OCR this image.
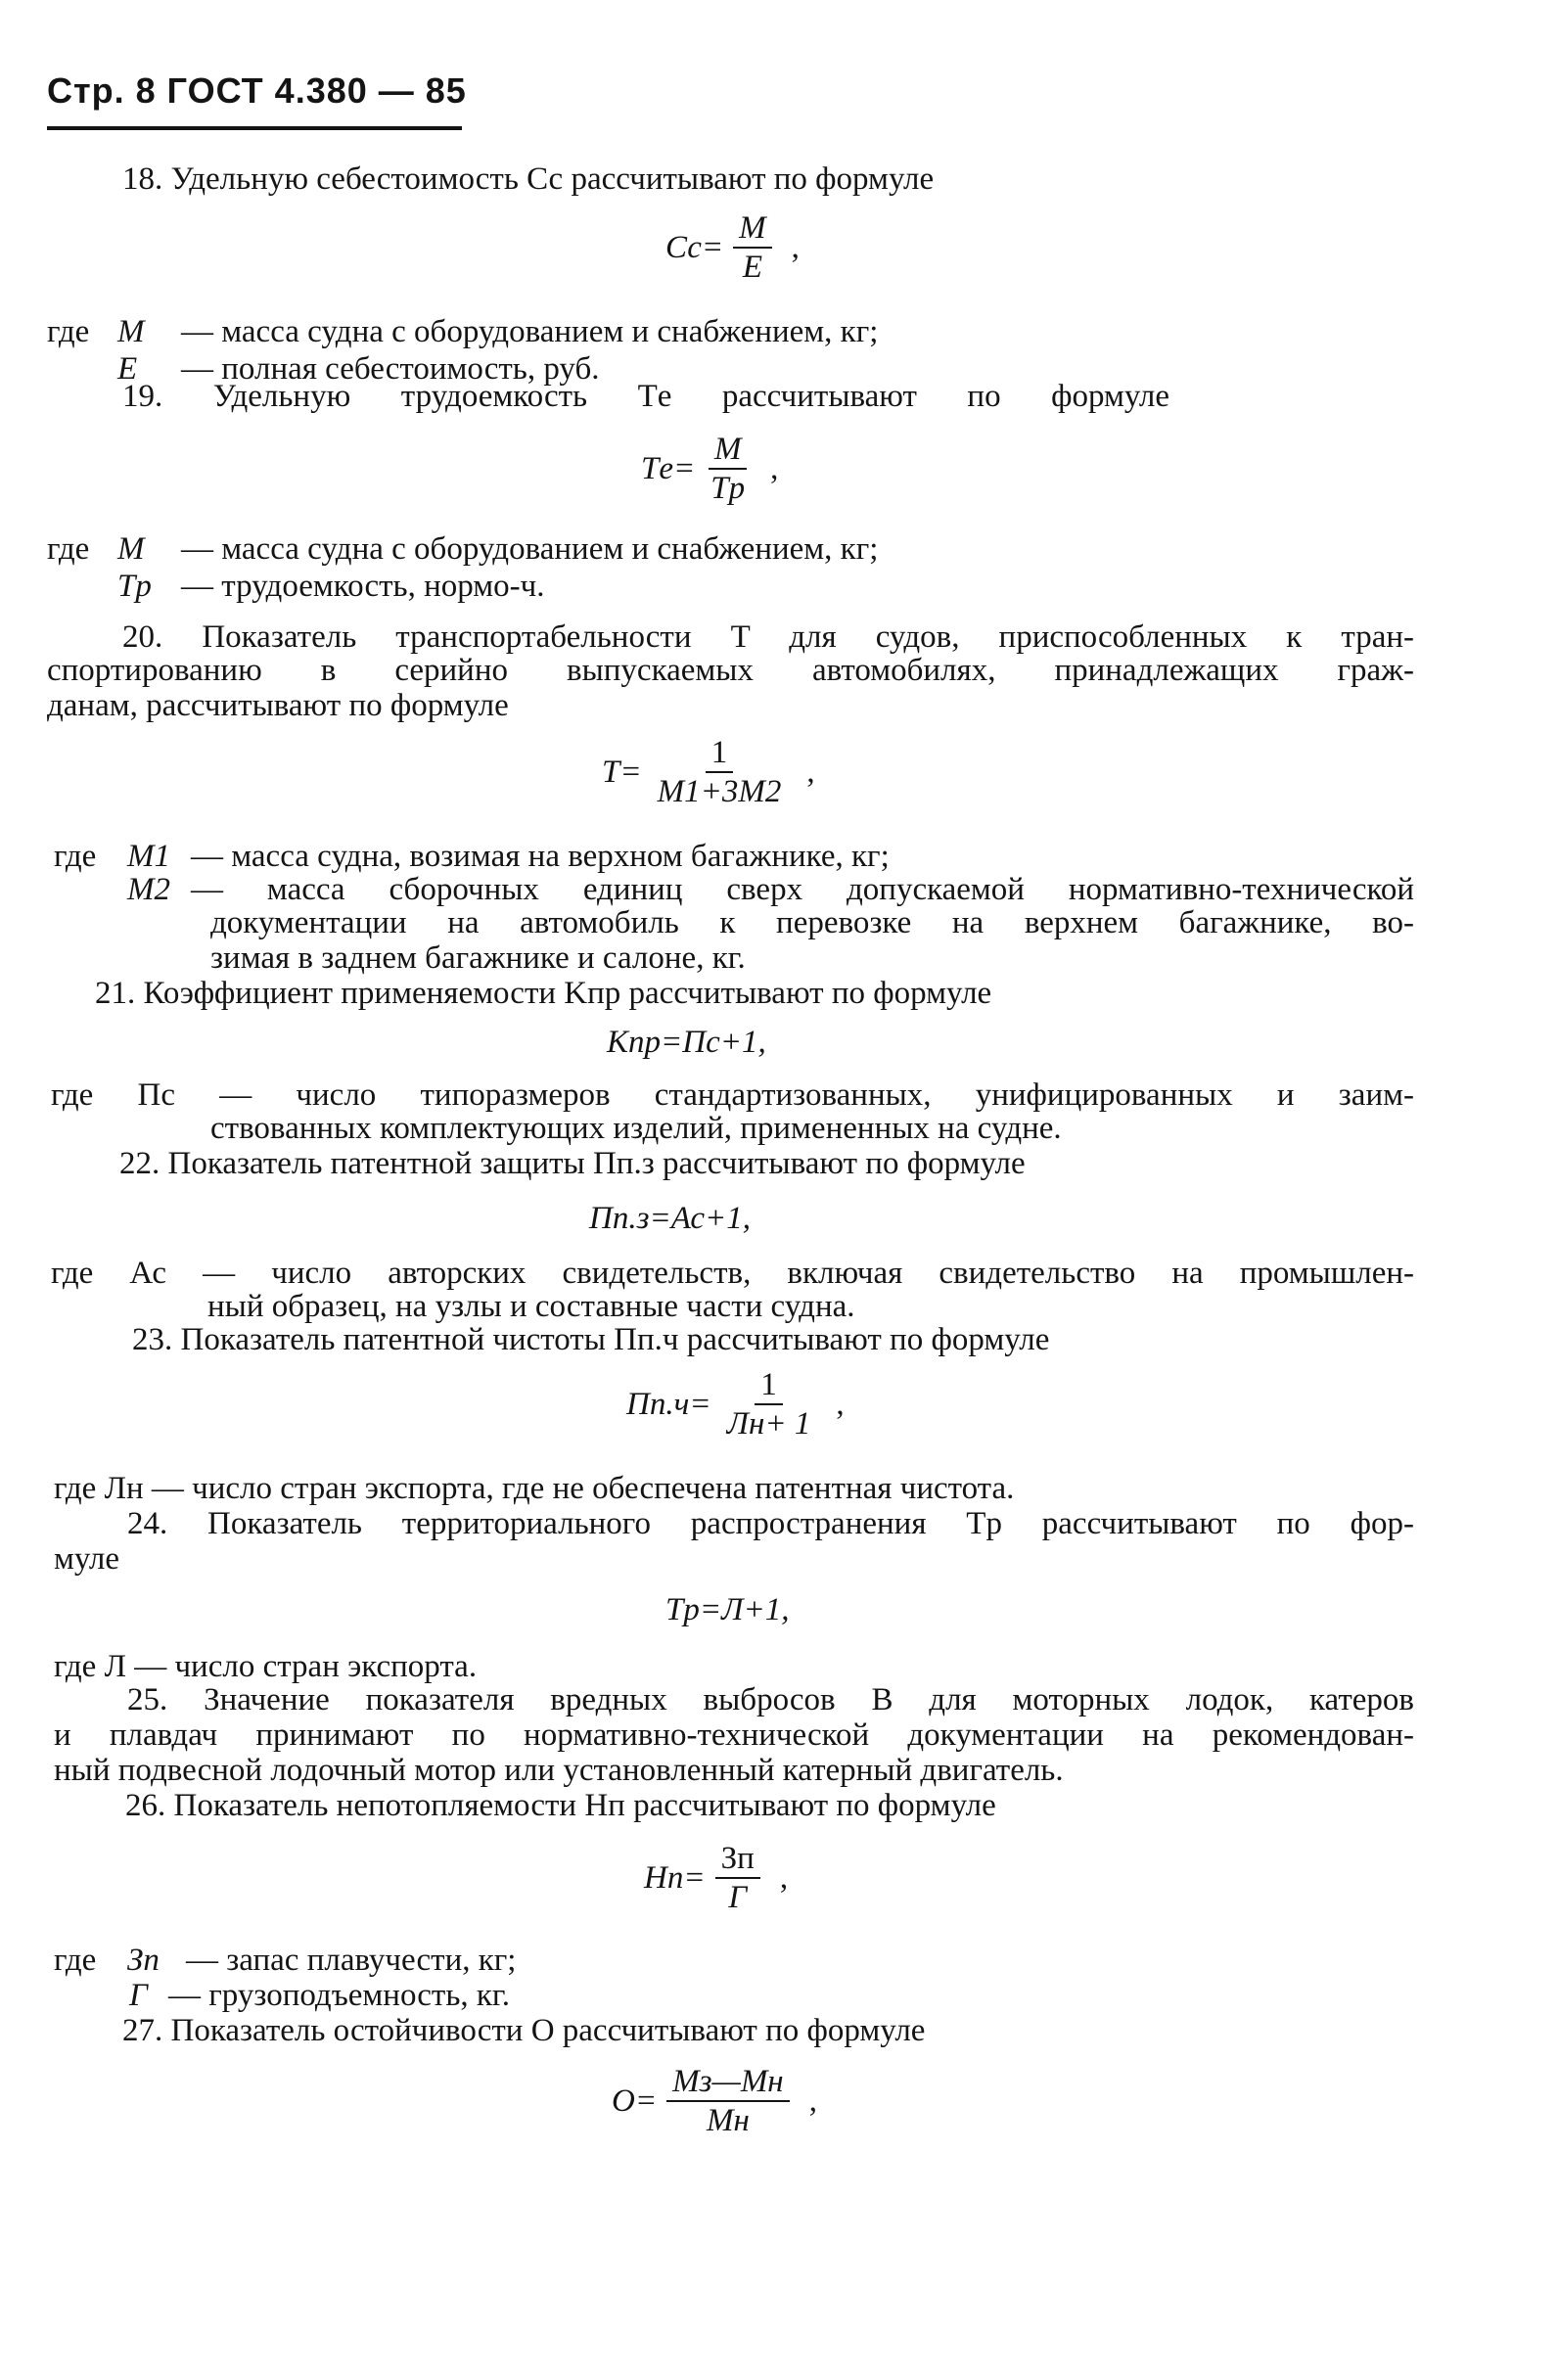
Стр. 8 ГОСТ 4.380 — 85
18. Удельную себестоимость Сс рассчитывают по формуле
$Сс= \frac{M}{E}$ ,
где M — масса судна с оборудованием и снабжением, кг;
E — полная себестоимость, руб.
19. Удельную трудоемкость Tе рассчитывают по формуле
$Tе= \frac{M}{Tр}$ ,
где M — масса судна с оборудованием и снабжением, кг;
Tр — трудоемкость, нормо-ч.
20. Показатель транспортабельности T для судов, приспособленных к тран-
спортированию в серийно выпускаемых автомобилях, принадлежащих граж-
данам, рассчитывают по формуле
$T= \frac{1}{M1+3M2}$ ,
где M1 — масса судна, возимая на верхном багажнике, кг;
M2 — масса сборочных единиц сверх допускаемой нормативно-технической
документации на автомобиль к перевозке на верхнем багажнике, во-
зимая в заднем багажнике и салоне, кг.
21. Коэффициент применяемости Kпр рассчитывают по формуле
Kпр=Пс+1,
где Пс — число типоразмеров стандартизованных, унифицированных и заим-
ствованных комплектующих изделий, примененных на судне.
22. Показатель патентной защиты Пп.з рассчитывают по формуле
Пп.з=Ас+1,
где Ас — число авторских свидетельств, включая свидетельство на промышлен-
ный образец, на узлы и составные части судна.
23. Показатель патентной чистоты Пп.ч рассчитывают по формуле
$Пп.ч= \frac{1}{Лн+ 1}$ ,
где Лн — число стран экспорта, где не обеспечена патентная чистота.
24. Показатель территориального распространения Tр рассчитывают по фор-
муле
Tр=Л+1,
где Л — число стран экспорта.
25. Значение показателя вредных выбросов B для моторных лодок, катеров
и плавдач принимают по нормативно-технической документации на рекомендован-
ный подвесной лодочный мотор или установленный катерный двигатель.
26. Показатель непотопляемости Нп рассчитывают по формуле
$Нп= \frac{Зп}{Г}$ ,
где Зп — запас плавучести, кг;
Г — грузоподъемность, кг.
27. Показатель остойчивости O рассчитывают по формуле
$O= \frac{Mз—Mн}{Mн}$ ,
